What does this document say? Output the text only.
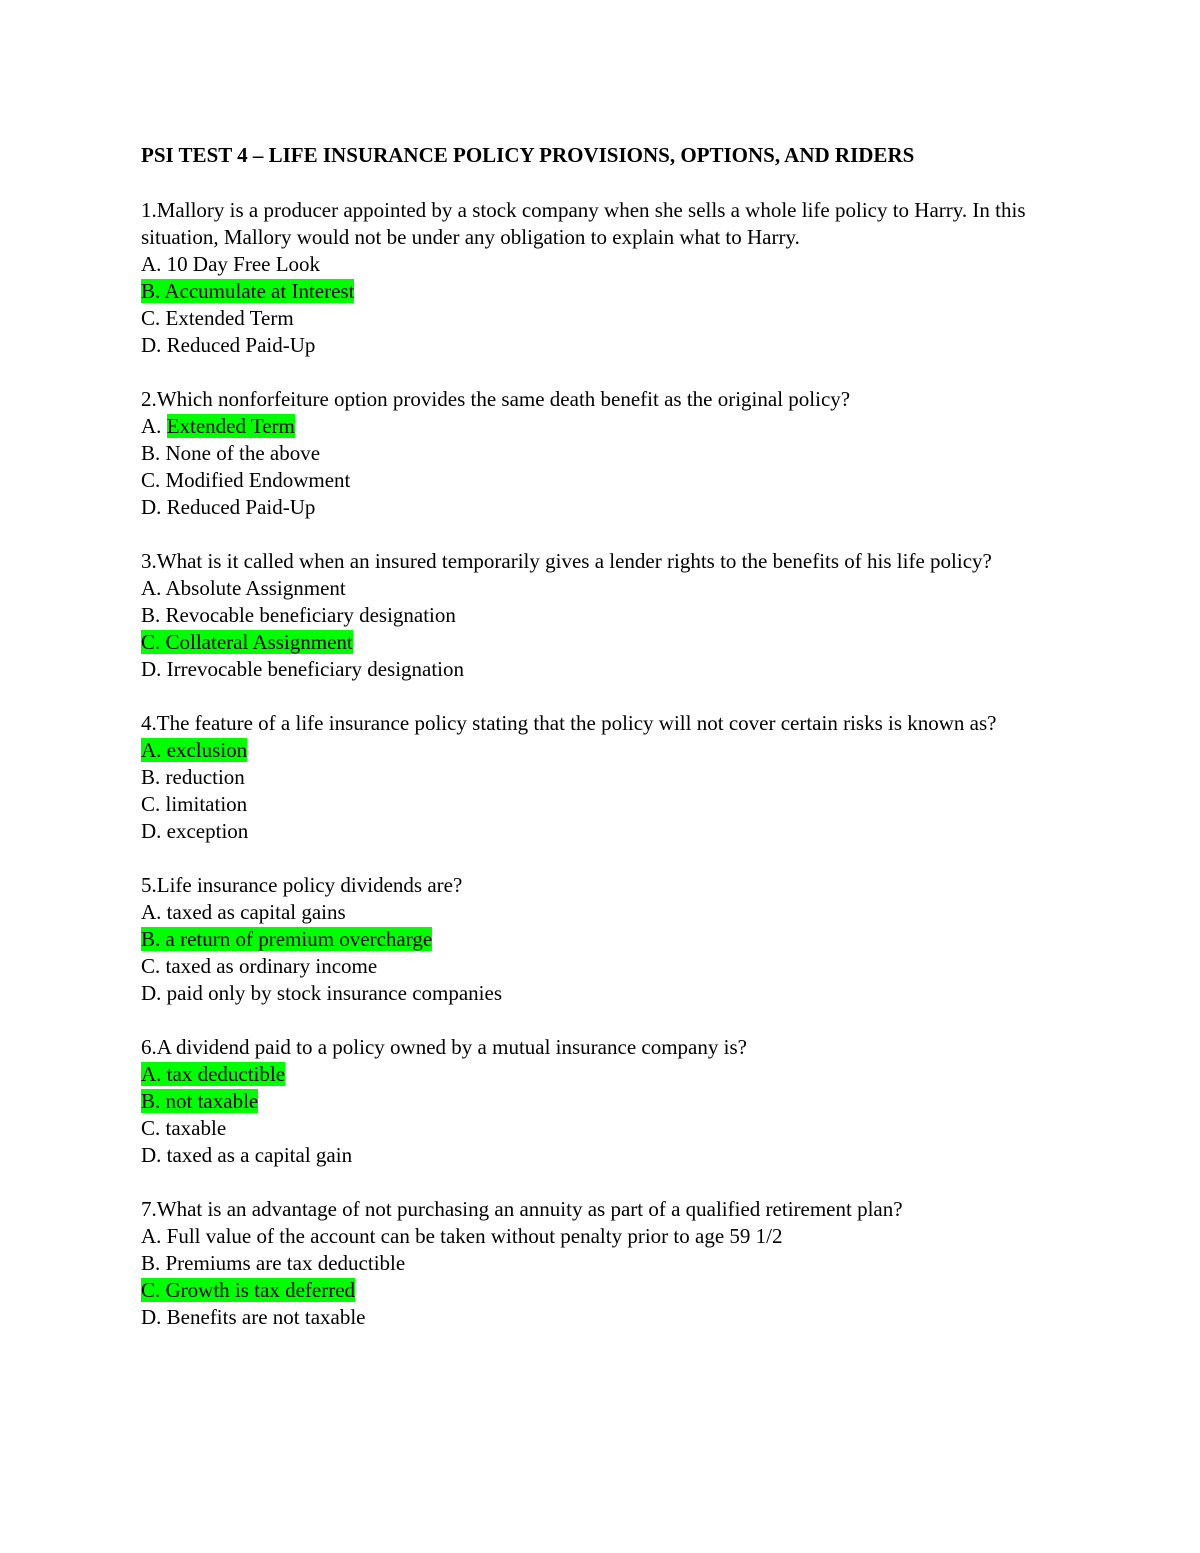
PSI TEST 4 – LIFE INSURANCE POLICY PROVISIONS, OPTIONS, AND RIDERS

1.Mallory is a producer appointed by a stock company when she sells a whole life policy to Harry. In this situation, Mallory would not be under any obligation to explain what to Harry.

A. 10 Day Free Look
B. Accumulate at Interest
C. Extended Term
D. Reduced Paid-Up

2.Which nonforfeiture option provides the same death benefit as the original policy?

A. Extended Term
B. None of the above
C. Modified Endowment
D. Reduced Paid-Up

3.What is it called when an insured temporarily gives a lender rights to the benefits of his life policy?

A. Absolute Assignment
B. Revocable beneficiary designation
C. Collateral Assignment
D. Irrevocable beneficiary designation

4.The feature of a life insurance policy stating that the policy will not cover certain risks is known as?

A. exclusion
B. reduction
C. limitation
D. exception

5.Life insurance policy dividends are?

A. taxed as capital gains
B. a return of premium overcharge
C. taxed as ordinary income
D. paid only by stock insurance companies

6.A dividend paid to a policy owned by a mutual insurance company is?

A. tax deductible
B. not taxable
C. taxable
D. taxed as a capital gain

7.What is an advantage of not purchasing an annuity as part of a qualified retirement plan?

A. Full value of the account can be taken without penalty prior to age 59 1/2
B. Premiums are tax deductible
C. Growth is tax deferred
D. Benefits are not taxable
